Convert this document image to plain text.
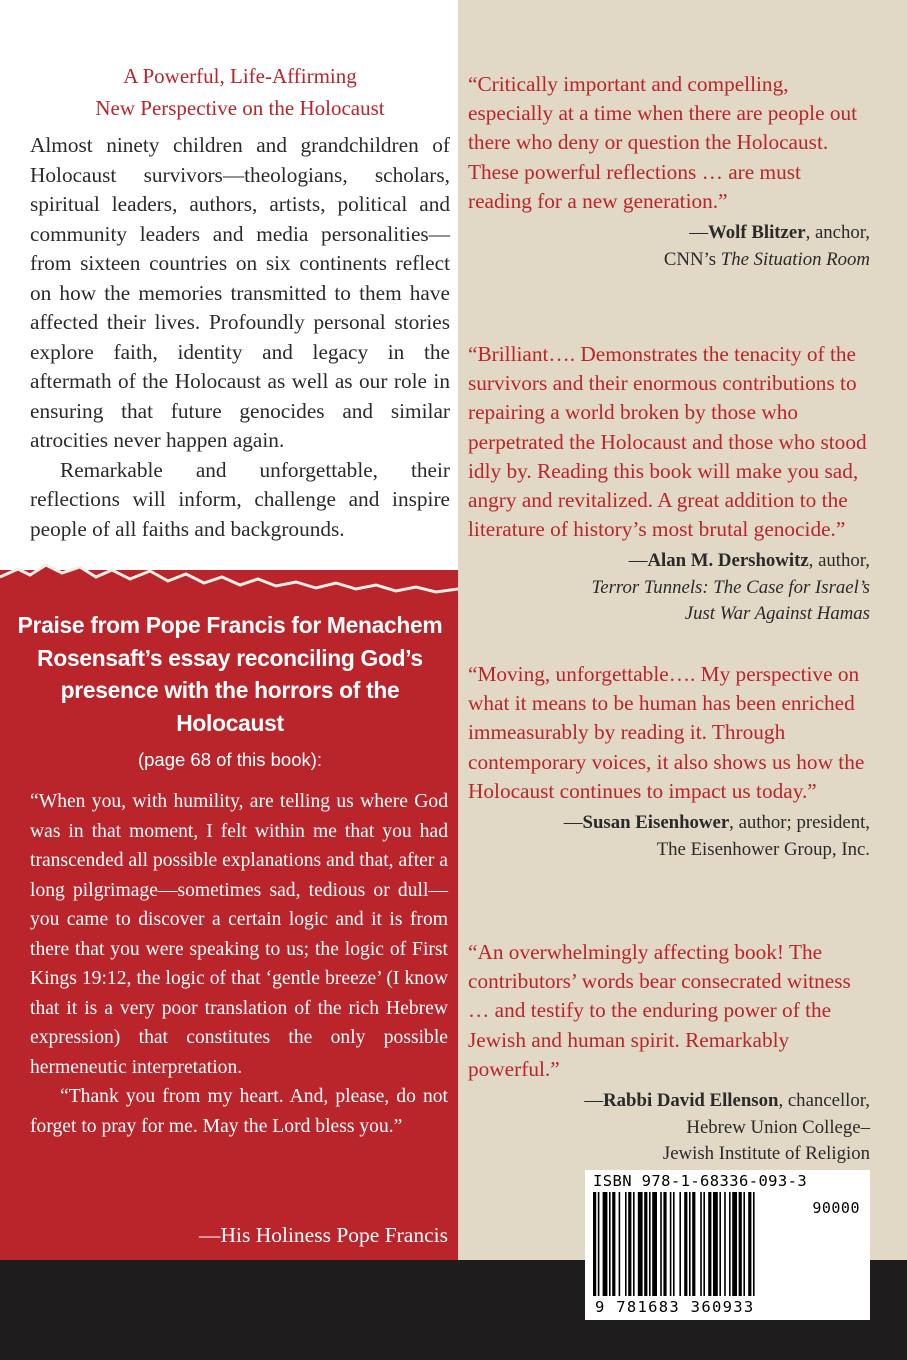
A Powerful, Life-Affirming
New Perspective on the Holocaust

Almost ninety children and grandchildren of Holocaust survivors—theologians, scholars, spiritual leaders, authors, artists, political and community leaders and media personalities—from sixteen countries on six continents reflect on how the memories transmitted to them have affected their lives. Profoundly personal stories explore faith, identity and legacy in the aftermath of the Holocaust as well as our role in ensuring that future genocides and similar atrocities never happen again.

Remarkable and unforgettable, their reflections will inform, challenge and inspire people of all faiths and backgrounds.

Praise from Pope Francis for Menachem Rosensaft’s essay reconciling God’s presence with the horrors of the Holocaust
(page 68 of this book):

“When you, with humility, are telling us where God was in that moment, I felt within me that you had transcended all possible explanations and that, after a long pilgrimage—sometimes sad, tedious or dull—you came to discover a certain logic and it is from there that you were speaking to us; the logic of First Kings 19:12, the logic of that ‘gentle breeze’ (I know that it is a very poor translation of the rich Hebrew expression) that constitutes the only possible hermeneutic interpretation.

“Thank you from my heart. And, please, do not forget to pray for me. May the Lord bless you.”

—His Holiness Pope Francis

“Critically important and compelling, especially at a time when there are people out there who deny or question the Holocaust. These powerful reflections … are must reading for a new generation.”

—Wolf Blitzer, anchor,
CNN’s The Situation Room

“Brilliant…. Demonstrates the tenacity of the survivors and their enormous contributions to repairing a world broken by those who perpetrated the Holocaust and those who stood idly by. Reading this book will make you sad, angry and revitalized. A great addition to the literature of history’s most brutal genocide.”

—Alan M. Dershowitz, author,
Terror Tunnels: The Case for Israel’s
Just War Against Hamas

“Moving, unforgettable…. My perspective on what it means to be human has been enriched immeasurably by reading it. Through contemporary voices, it also shows us how the Holocaust continues to impact us today.”

—Susan Eisenhower, author; president,
The Eisenhower Group, Inc.

“An overwhelmingly affecting book! The contributors’ words bear consecrated witness … and testify to the enduring power of the Jewish and human spirit. Remarkably powerful.”

—Rabbi David Ellenson, chancellor,
Hebrew Union College–
Jewish Institute of Religion

ISBN 978-1-68336-093-3
90000
9 781683 360933
